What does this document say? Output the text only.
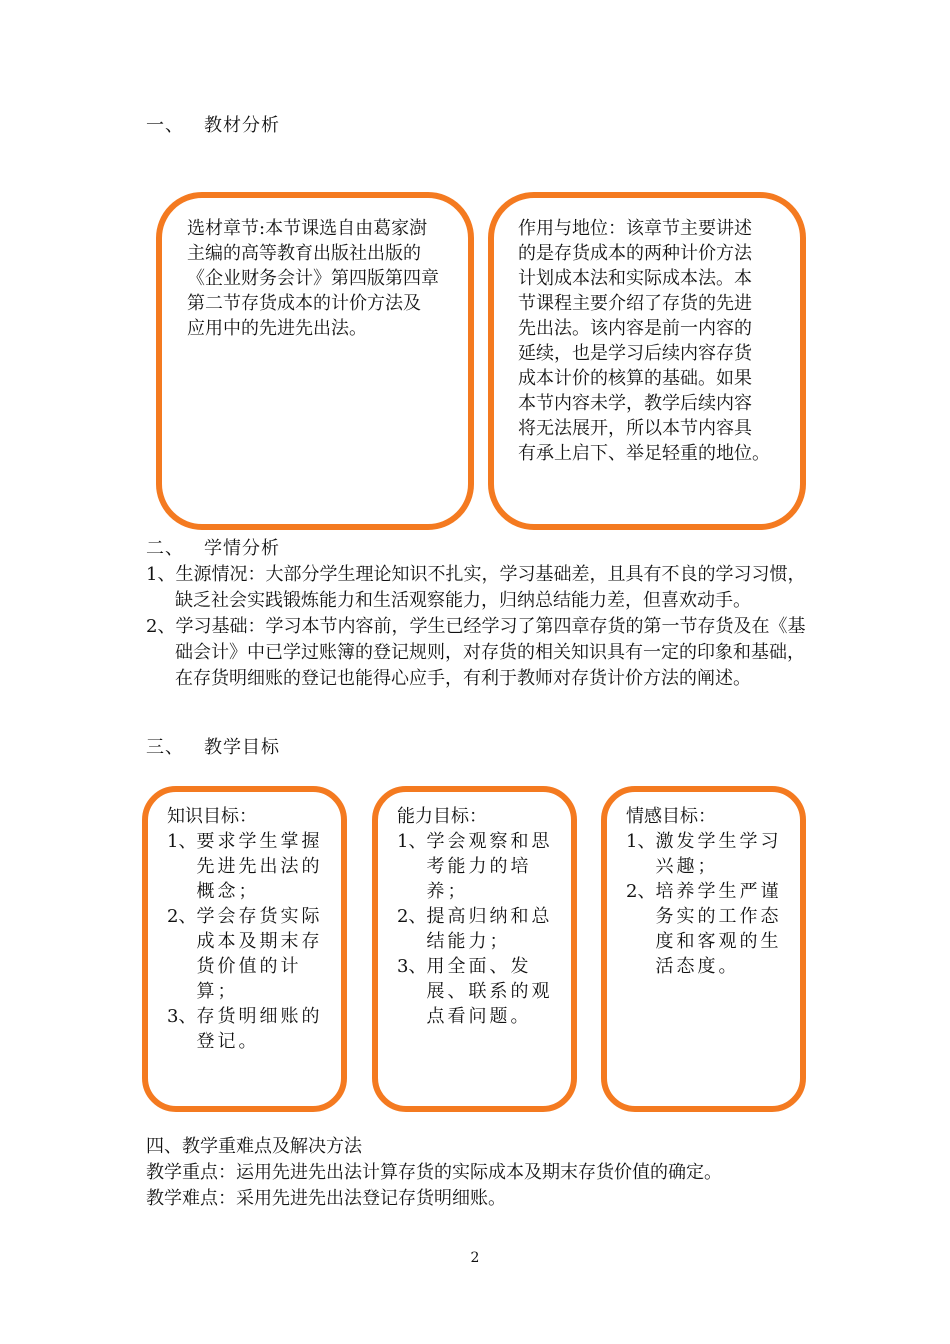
一、 教材分析
选材章节:本节课选自由葛家澍
主编的高等教育出版社出版的
《企业财务会计》第四版第四章
第二节存货成本的计价方法及
应用中的先进先出法。
作用与地位：该章节主要讲述
的是存货成本的两种计价方法
计划成本法和实际成本法。本
节课程主要介绍了存货的先进
先出法。该内容是前一内容的
延续，也是学习后续内容存货
成本计价的核算的基础。如果
本节内容未学，教学后续内容
将无法展开，所以本节内容具
有承上启下、举足轻重的地位。
二、 学情分析
1、生源情况：大部分学生理论知识不扎实，学习基础差，且具有不良的学习习惯，缺乏社会实践锻炼能力和生活观察能力，归纳总结能力差，但喜欢动手。
2、学习基础：学习本节内容前，学生已经学习了第四章存货的第一节存货及在《基础会计》中已学过账簿的登记规则，对存货的相关知识具有一定的印象和基础，在存货明细账的登记也能得心应手，有利于教师对存货计价方法的阐述。
三、 教学目标
知识目标：
1、 要求学生掌握先进先出法的概念；
2、 学会存货实际成本及期末存货价值的计算；
3、 存货明细账的登记。
能力目标：
1、 学会观察和思考能力的培养；
2、 提高归纳和总结能力；
3、 用全面、发展、联系的观点看问题。
情感目标：
1、 激发学生学习兴趣；
2、 培养学生严谨务实的工作态度和客观的生活态度。
四、教学重难点及解决方法
教学重点：运用先进先出法计算存货的实际成本及期末存货价值的确定。
教学难点：采用先进先出法登记存货明细账。
2
